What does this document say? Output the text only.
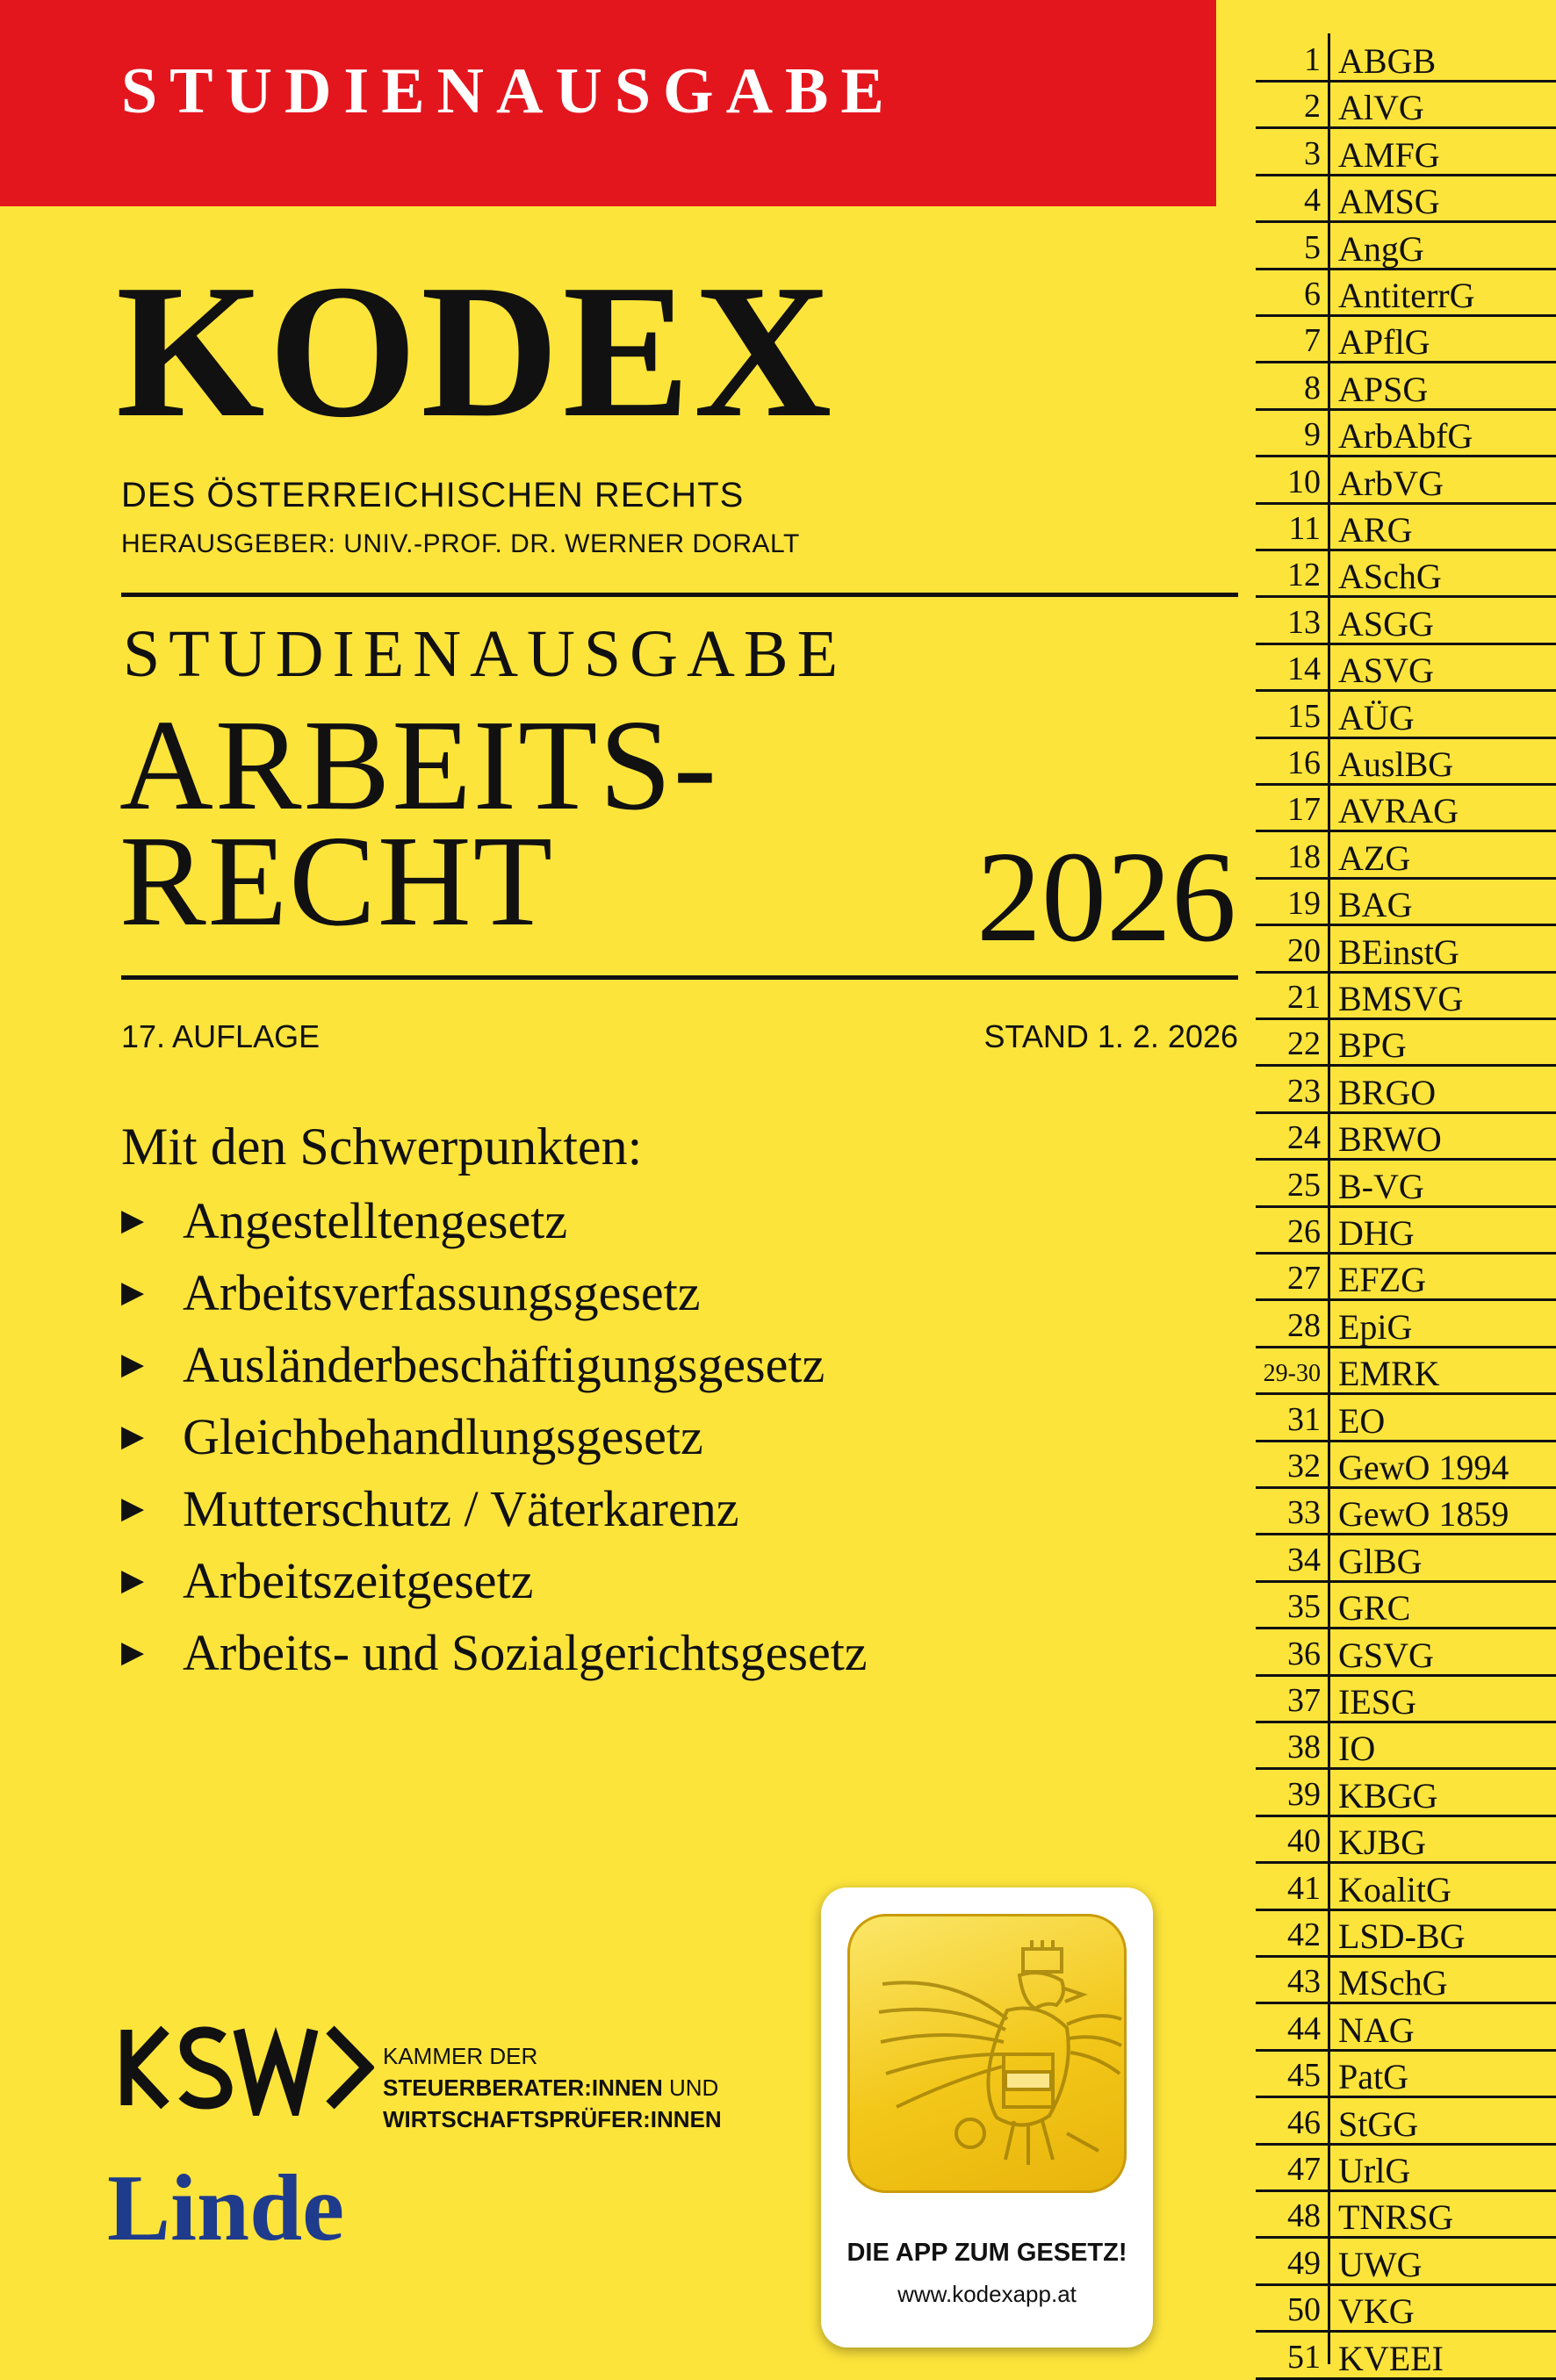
STUDIENAUSGABE
KODEX
DES ÖSTERREICHISCHEN RECHTS
HERAUSGEBER: UNIV.-PROF. DR. WERNER DORALT
STUDIENAUSGABE
ARBEITS-
RECHT	2026
17. AUFLAGE	STAND 1. 2. 2026
Mit den Schwerpunkten:
▶ Angestelltengesetz
▶ Arbeitsverfassungsgesetz
▶ Ausländerbeschäftigungsgesetz
▶ Gleichbehandlungsgesetz
▶ Mutterschutz / Väterkarenz
▶ Arbeitszeitgesetz
▶ Arbeits- und Sozialgerichtsgesetz
1 ABGB
2 AlVG
3 AMFG
4 AMSG
5 AngG
6 AntiterrG
7 APflG
8 APSG
9 ArbAbfG
10 ArbVG
11 ARG
12 ASchG
13 ASGG
14 ASVG
15 AÜG
16 AuslBG
17 AVRAG
18 AZG
19 BAG
20 BEinstG
21 BMSVG
22 BPG
23 BRGO
24 BRWO
25 B-VG
26 DHG
27 EFZG
28 EpiG
29-30 EMRK
31 EO
32 GewO 1994
33 GewO 1859
34 GlBG
35 GRC
36 GSVG
37 IESG
38 IO
39 KBGG
40 KJBG
41 KoalitG
42 LSD-BG
43 MSchG
44 NAG
45 PatG
46 StGG
47 UrlG
48 TNRSG
49 UWG
50 VKG
51 KVEEI
KAMMER DER
STEUERBERATER:INNEN UND
WIRTSCHAFTSPRÜFER:INNEN
Linde	DIE APP ZUM GESETZ!
www.kodexapp.at
